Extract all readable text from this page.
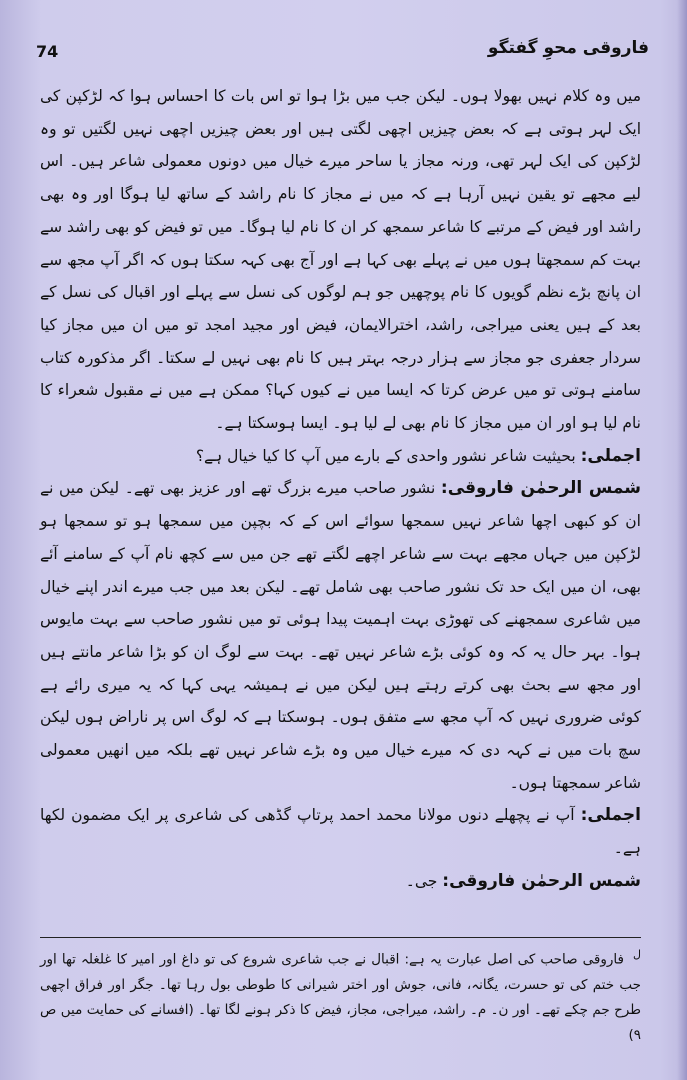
74	فاروقی محوِ گفتگو

میں وہ کلام نہیں بھولا ہوں۔ لیکن جب میں بڑا ہوا تو اس بات کا احساس ہوا کہ لڑکپن کی ایک لہر ہوتی ہے کہ بعض چیزیں اچھی لگتی ہیں اور بعض چیزیں اچھی نہیں لگتیں تو وہ لڑکپن کی ایک لہر تھی، ورنہ مجاز یا ساحر میرے خیال میں دونوں معمولی شاعر ہیں۔ اس لیے مجھے تو یقین نہیں آرہا ہے کہ میں نے مجاز کا نام راشد کے ساتھ لیا ہوگا اور وہ بھی راشد اور فیض کے مرتبے کا شاعر سمجھ کر ان کا نام لیا ہوگا۔ میں تو فیض کو بھی راشد سے بہت کم سمجھتا ہوں میں نے پہلے بھی کہا ہے اور آج بھی کہہ سکتا ہوں کہ اگر آپ مجھ سے ان پانچ بڑے نظم گویوں کا نام پوچھیں جو ہم لوگوں کی نسل سے پہلے اور اقبال کی نسل کے بعد کے ہیں یعنی میراجی، راشد، اخترالایمان، فیض اور مجید امجد تو میں ان میں مجاز کیا سردار جعفری جو مجاز سے ہزار درجہ بہتر ہیں کا نام بھی نہیں لے سکتا۔ اگر مذکورہ کتاب سامنے ہوتی تو میں عرض کرتا کہ ایسا میں نے کیوں کہا؟ ممکن ہے میں نے مقبول شعراء کا نام لیا ہو اور ان میں مجاز کا نام بھی لے لیا ہو۔ ایسا ہوسکتا ہے۔

اجملی: بحیثیت شاعر نشور واحدی کے بارے میں آپ کا کیا خیال ہے؟

شمس الرحمٰن فاروقی: نشور صاحب میرے بزرگ تھے اور عزیز بھی تھے۔ لیکن میں نے ان کو کبھی اچھا شاعر نہیں سمجھا سوائے اس کے کہ بچپن میں سمجھا ہو تو سمجھا ہو لڑکپن میں جہاں مجھے بہت سے شاعر اچھے لگتے تھے جن میں سے کچھ نام آپ کے سامنے آئے بھی، ان میں ایک حد تک نشور صاحب بھی شامل تھے۔ لیکن بعد میں جب میرے اندر اپنے خیال میں شاعری سمجھنے کی تھوڑی بہت اہمیت پیدا ہوئی تو میں نشور صاحب سے بہت مایوس ہوا۔ بہر حال یہ کہ وہ کوئی بڑے شاعر نہیں تھے۔ بہت سے لوگ ان کو بڑا شاعر مانتے ہیں اور مجھ سے بحث بھی کرتے رہتے ہیں لیکن میں نے ہمیشہ یہی کہا کہ یہ میری رائے ہے کوئی ضروری نہیں کہ آپ مجھ سے متفق ہوں۔ ہوسکتا ہے کہ لوگ اس پر ناراض ہوں لیکن سچ بات میں نے کہہ دی کہ میرے خیال میں وہ بڑے شاعر نہیں تھے بلکہ میں انھیں معمولی شاعر سمجھتا ہوں۔

اجملی: آپ نے پچھلے دنوں مولانا محمد احمد پرتاپ گڈھی کی شاعری پر ایک مضمون لکھا ہے۔

شمس الرحمٰن فاروقی: جی۔

$^ل$ فاروقی صاحب کی اصل عبارت یہ ہے: اقبال نے جب شاعری شروع کی تو داغ اور امیر کا غلغلہ تھا اور جب ختم کی تو حسرت، یگانہ، فانی، جوش اور اختر شیرانی کا طوطی بول رہا تھا۔ جگر اور فراق اچھی طرح جم چکے تھے۔ اور ن۔ م۔ راشد، میراجی، مجاز، فیض کا ذکر ہونے لگا تھا۔ (افسانے کی حمایت میں ص ۹)
